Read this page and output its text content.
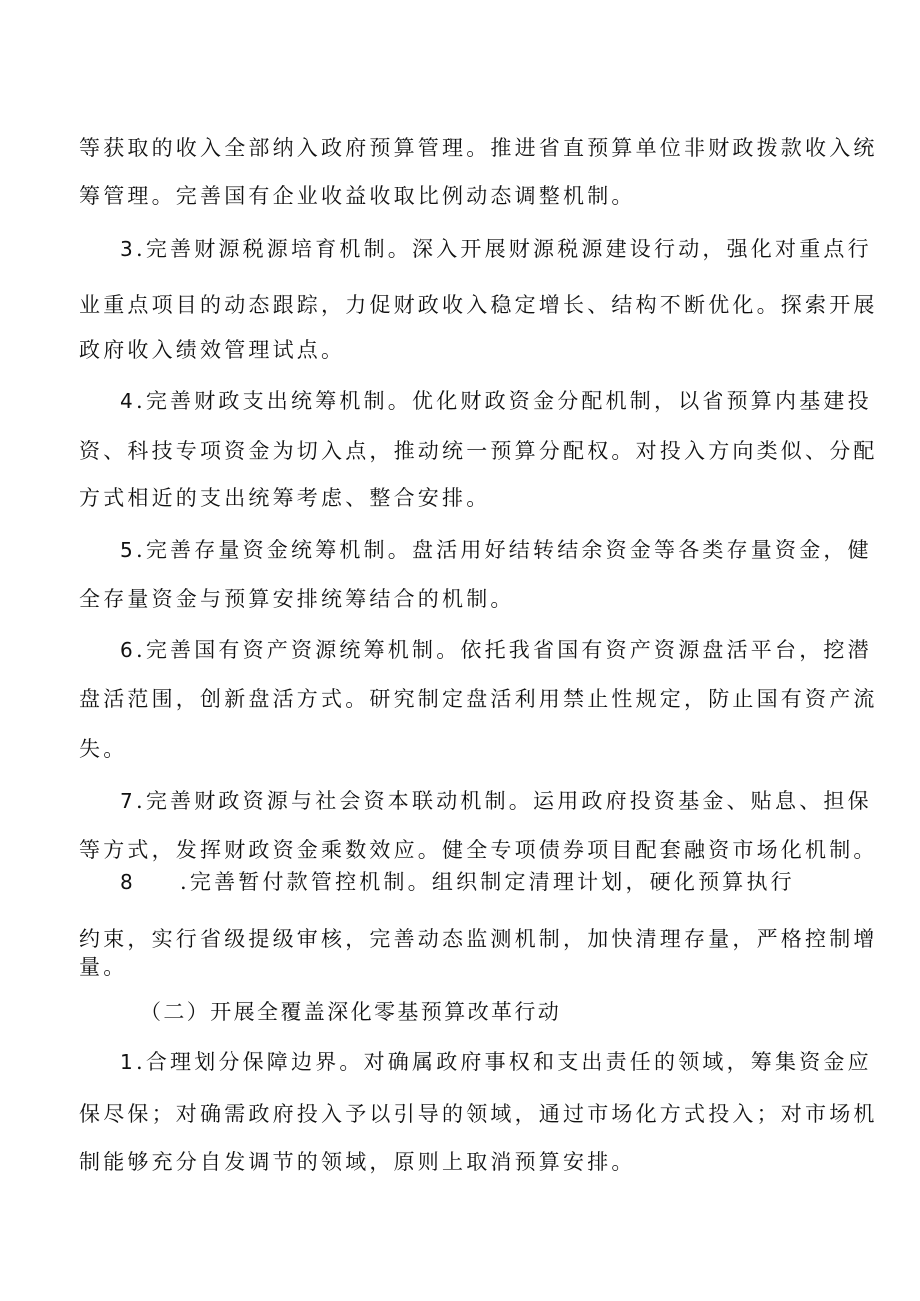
等获取的收入全部纳入政府预算管理。推进省直预算单位非财政拨款收入统
筹管理。完善国有企业收益收取比例动态调整机制。
3.完善财源税源培育机制。深入开展财源税源建设行动，强化对重点行
业重点项目的动态跟踪，力促财政收入稳定增长、结构不断优化。探索开展
政府收入绩效管理试点。
4.完善财政支出统筹机制。优化财政资金分配机制，以省预算内基建投
资、科技专项资金为切入点，推动统一预算分配权。对投入方向类似、分配
方式相近的支出统筹考虑、整合安排。
5.完善存量资金统筹机制。盘活用好结转结余资金等各类存量资金，健
全存量资金与预算安排统筹结合的机制。
6.完善国有资产资源统筹机制。依托我省国有资产资源盘活平台，挖潜
盘活范围，创新盘活方式。研究制定盘活利用禁止性规定，防止国有资产流
失。
7.完善财政资源与社会资本联动机制。运用政府投资基金、贴息、担保
等方式，发挥财政资金乘数效应。健全专项债券项目配套融资市场化机制。
8 .完善暂付款管控机制。组织制定清理计划，硬化预算执行
约束，实行省级提级审核，完善动态监测机制，加快清理存量，严格控制增
量。
（二）开展全覆盖深化零基预算改革行动
1.合理划分保障边界。对确属政府事权和支出责任的领域，筹集资金应
保尽保；对确需政府投入予以引导的领域，通过市场化方式投入；对市场机
制能够充分自发调节的领域，原则上取消预算安排。
